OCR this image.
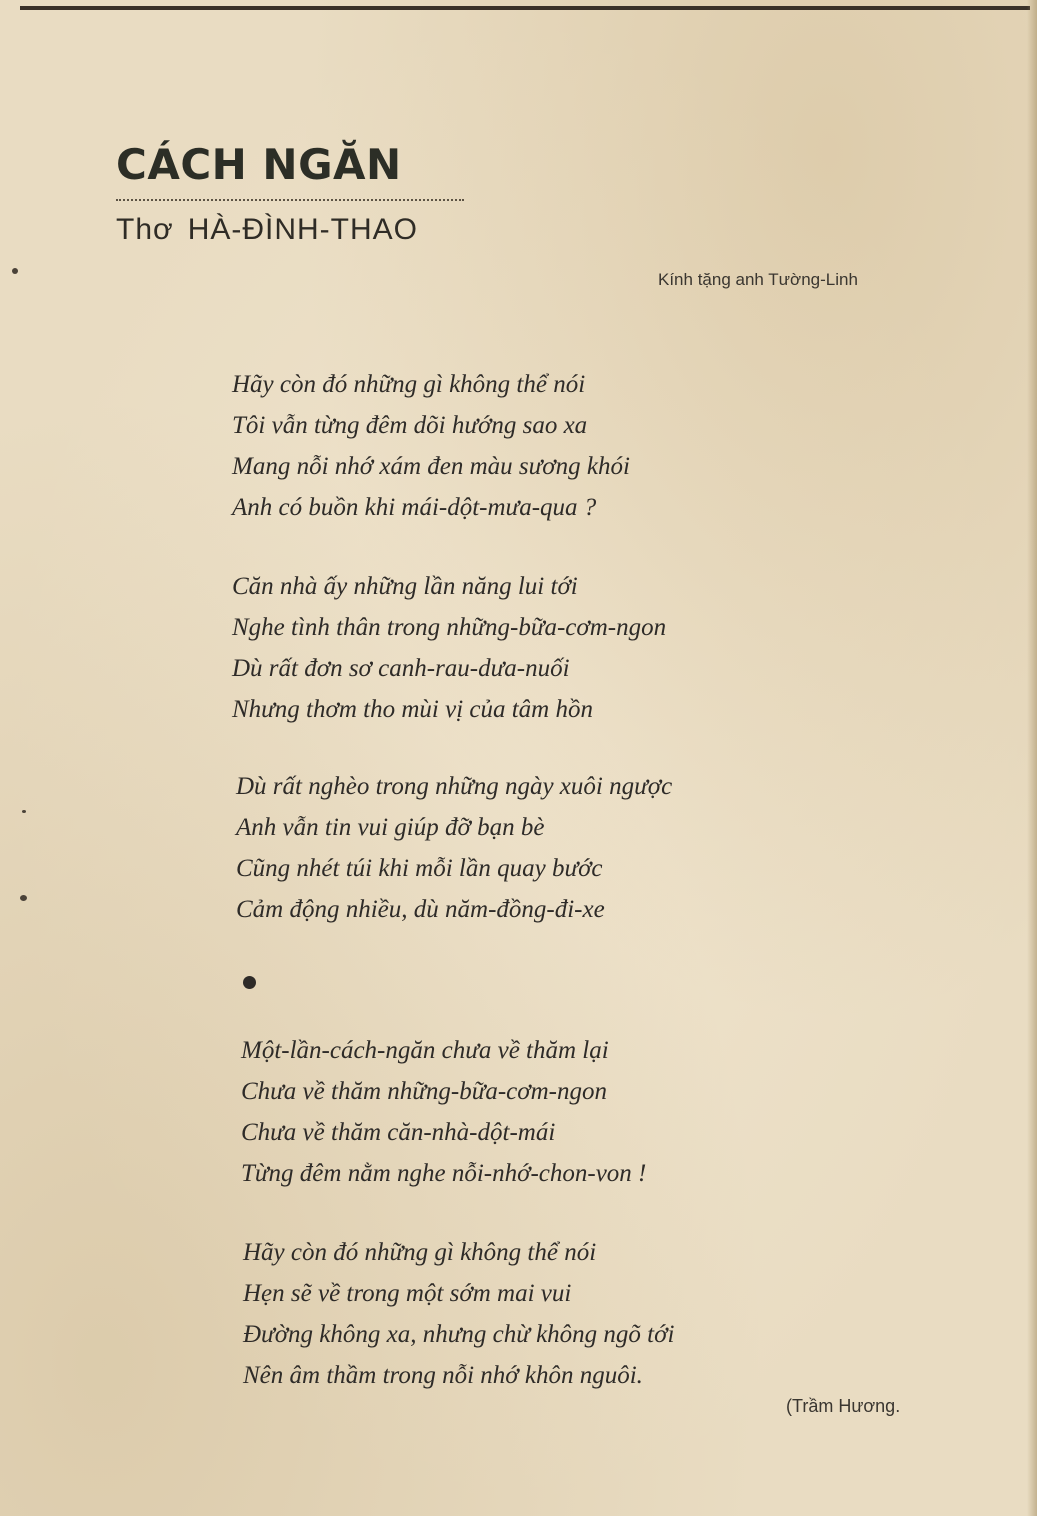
CÁCH NGĂN
Thơ HÀ-ĐÌNH-THAO
Kính tặng anh Tường-Linh
Hãy còn đó những gì không thể nói
Tôi vẫn từng đêm dõi hướng sao xa
Mang nỗi nhớ xám đen màu sương khói
Anh có buồn khi mái-dột-mưa-qua ?
Căn nhà ấy những lần năng lui tới
Nghe tình thân trong những-bữa-cơm-ngon
Dù rất đơn sơ canh-rau-dưa-nuối
Nhưng thơm tho mùi vị của tâm hồn
Dù rất nghèo trong những ngày xuôi ngược
Anh vẫn tin vui giúp đỡ bạn bè
Cũng nhét túi khi mỗi lần quay bước
Cảm động nhiều, dù năm-đồng-đi-xe
Một-lần-cách-ngăn chưa về thăm lại
Chưa về thăm những-bữa-cơm-ngon
Chưa về thăm căn-nhà-dột-mái
Từng đêm nằm nghe nỗi-nhớ-chon-von !
Hãy còn đó những gì không thể nói
Hẹn sẽ về trong một sớm mai vui
Đường không xa, nhưng chừ không ngõ tới
Nên âm thầm trong nỗi nhớ khôn nguôi.
(Trầm Hương.
